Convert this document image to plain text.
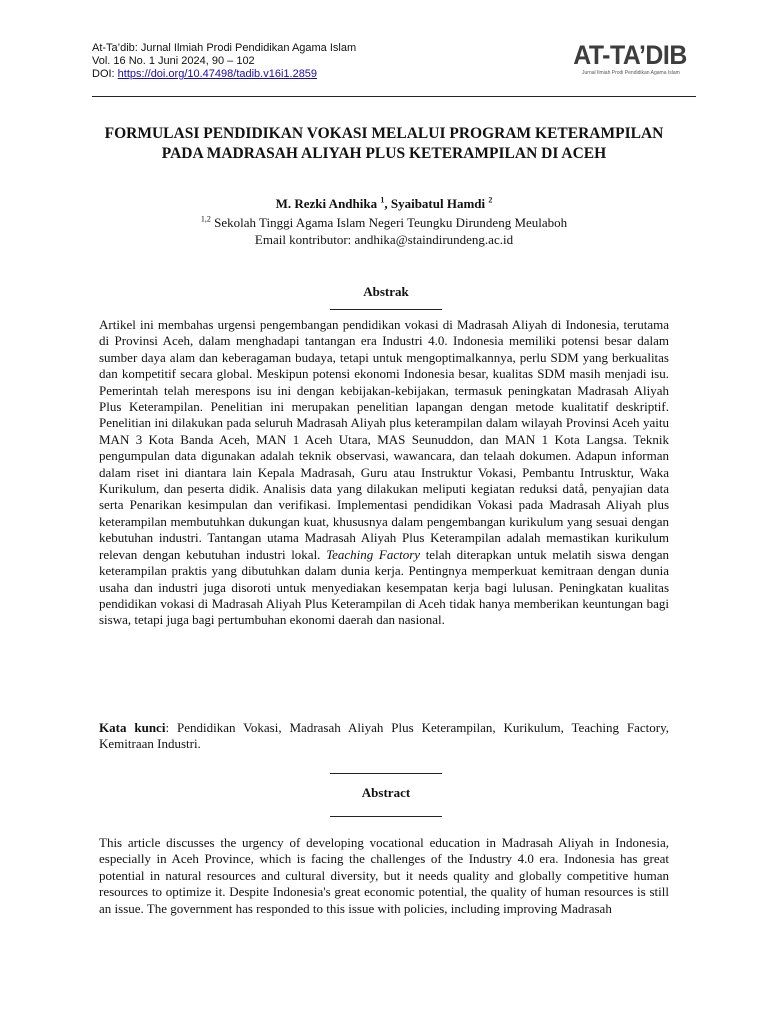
At-Ta’dib: Jurnal Ilmiah Prodi Pendidikan Agama Islam
Vol. 16 No. 1 Juni 2024, 90 – 102
DOI: https://doi.org/10.47498/tadib.v16i1.2859
AT-TA’DIB
Jurnal Ilmiah Prodi Pendidikan Agama Islam
FORMULASI PENDIDIKAN VOKASI MELALUI PROGRAM KETERAMPILAN PADA MADRASAH ALIYAH PLUS KETERAMPILAN DI ACEH
M. Rezki Andhika $^1$, Syaibatul Hamdi $^2$
$^{1,2}$ Sekolah Tinggi Agama Islam Negeri Teungku Dirundeng Meulaboh
Email kontributor: andhika@staindirundeng.ac.id
Abstrak

Artikel ini membahas urgensi pengembangan pendidikan vokasi di Madrasah Aliyah di Indonesia, terutama di Provinsi Aceh, dalam menghadapi tantangan era Industri 4.0. Indonesia memiliki potensi besar dalam sumber daya alam dan keberagaman budaya, tetapi untuk mengoptimalkannya, perlu SDM yang berkualitas dan kompetitif secara global. Meskipun potensi ekonomi Indonesia besar, kualitas SDM masih menjadi isu. Pemerintah telah merespons isu ini dengan kebijakan-kebijakan, termasuk peningkatan Madrasah Aliyah Plus Keterampilan. Penelitian ini merupakan penelitian lapangan dengan metode kualitatif deskriptif. Penelitian ini dilakukan pada seluruh Madrasah Aliyah plus keterampilan dalam wilayah Provinsi Aceh yaitu MAN 3 Kota Banda Aceh, MAN 1 Aceh Utara, MAS Seunuddon, dan MAN 1 Kota Langsa. Teknik pengumpulan data digunakan adalah teknik observasi, wawancara, dan telaah dokumen. Adapun informan dalam riset ini diantara lain Kepala Madrasah, Guru atau Instruktur Vokasi, Pembantu Intrusktur, Waka Kurikulum, dan peserta didik. Analisis data yang dilakukan meliputi kegiatan reduksi datå, penyajian data serta Penarikan kesimpulan dan verifikasi. Implementasi pendidikan Vokasi pada Madrasah Aliyah plus keterampilan membutuhkan dukungan kuat, khususnya dalam pengembangan kurikulum yang sesuai dengan kebutuhan industri. Tantangan utama Madrasah Aliyah Plus Keterampilan adalah memastikan kurikulum relevan dengan kebutuhan industri lokal. Teaching Factory telah diterapkan untuk melatih siswa dengan keterampilan praktis yang dibutuhkan dalam dunia kerja. Pentingnya memperkuat kemitraan dengan dunia usaha dan industri juga disoroti untuk menyediakan kesempatan kerja bagi lulusan. Peningkatan kualitas pendidikan vokasi di Madrasah Aliyah Plus Keterampilan di Aceh tidak hanya memberikan keuntungan bagi siswa, tetapi juga bagi pertumbuhan ekonomi daerah dan nasional.

Kata kunci: Pendidikan Vokasi, Madrasah Aliyah Plus Keterampilan, Kurikulum, Teaching Factory, Kemitraan Industri.

Abstract

This article discusses the urgency of developing vocational education in Madrasah Aliyah in Indonesia, especially in Aceh Province, which is facing the challenges of the Industry 4.0 era. Indonesia has great potential in natural resources and cultural diversity, but it needs quality and globally competitive human resources to optimize it. Despite Indonesia's great economic potential, the quality of human resources is still an issue. The government has responded to this issue with policies, including improving Madrasah
